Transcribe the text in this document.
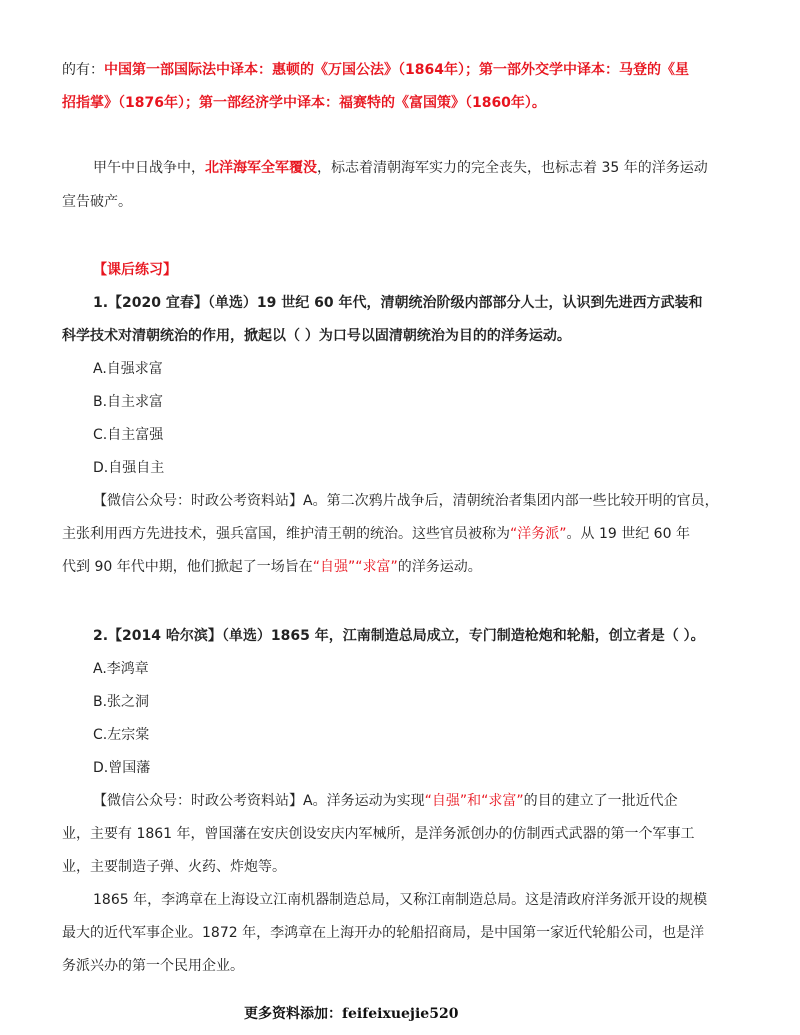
的有：中国第一部国际法中译本：惠顿的《万国公法》（1864年）；第一部外交学中译本：马登的《星
招指掌》（1876年）；第一部经济学中译本：福赛特的《富国策》（1860年）。
甲午中日战争中，北洋海军全军覆没，标志着清朝海军实力的完全丧失，也标志着 35 年的洋务运动
宣告破产。
【课后练习】
1.【2020 宜春】（单选）19 世纪 60 年代，清朝统治阶级内部部分人士，认识到先进西方武装和
科学技术对清朝统治的作用，掀起以（ ）为口号以固清朝统治为目的的洋务运动。
A.自强求富
B.自主求富
C.自主富强
D.自强自主
【微信公众号：时政公考资料站】A。第二次鸦片战争后，清朝统治者集团内部一些比较开明的官员，
主张利用西方先进技术，强兵富国，维护清王朝的统治。这些官员被称为“洋务派”。从 19 世纪 60 年
代到 90 年代中期，他们掀起了一场旨在“自强”“求富”的洋务运动。
2.【2014 哈尔滨】（单选）1865 年，江南制造总局成立，专门制造枪炮和轮船，创立者是（ ）。
A.李鸿章
B.张之洞
C.左宗棠
D.曾国藩
【微信公众号：时政公考资料站】A。洋务运动为实现“自强”和“求富”的目的建立了一批近代企
业，主要有 1861 年，曾国藩在安庆创设安庆内军械所，是洋务派创办的仿制西式武器的第一个军事工
业，主要制造子弹、火药、炸炮等。
1865 年，李鸿章在上海设立江南机器制造总局，又称江南制造总局。这是清政府洋务派开设的规模
最大的近代军事企业。1872 年，李鸿章在上海开办的轮船招商局，是中国第一家近代轮船公司，也是洋
务派兴办的第一个民用企业。
更多资料添加：feifeixuejie520
